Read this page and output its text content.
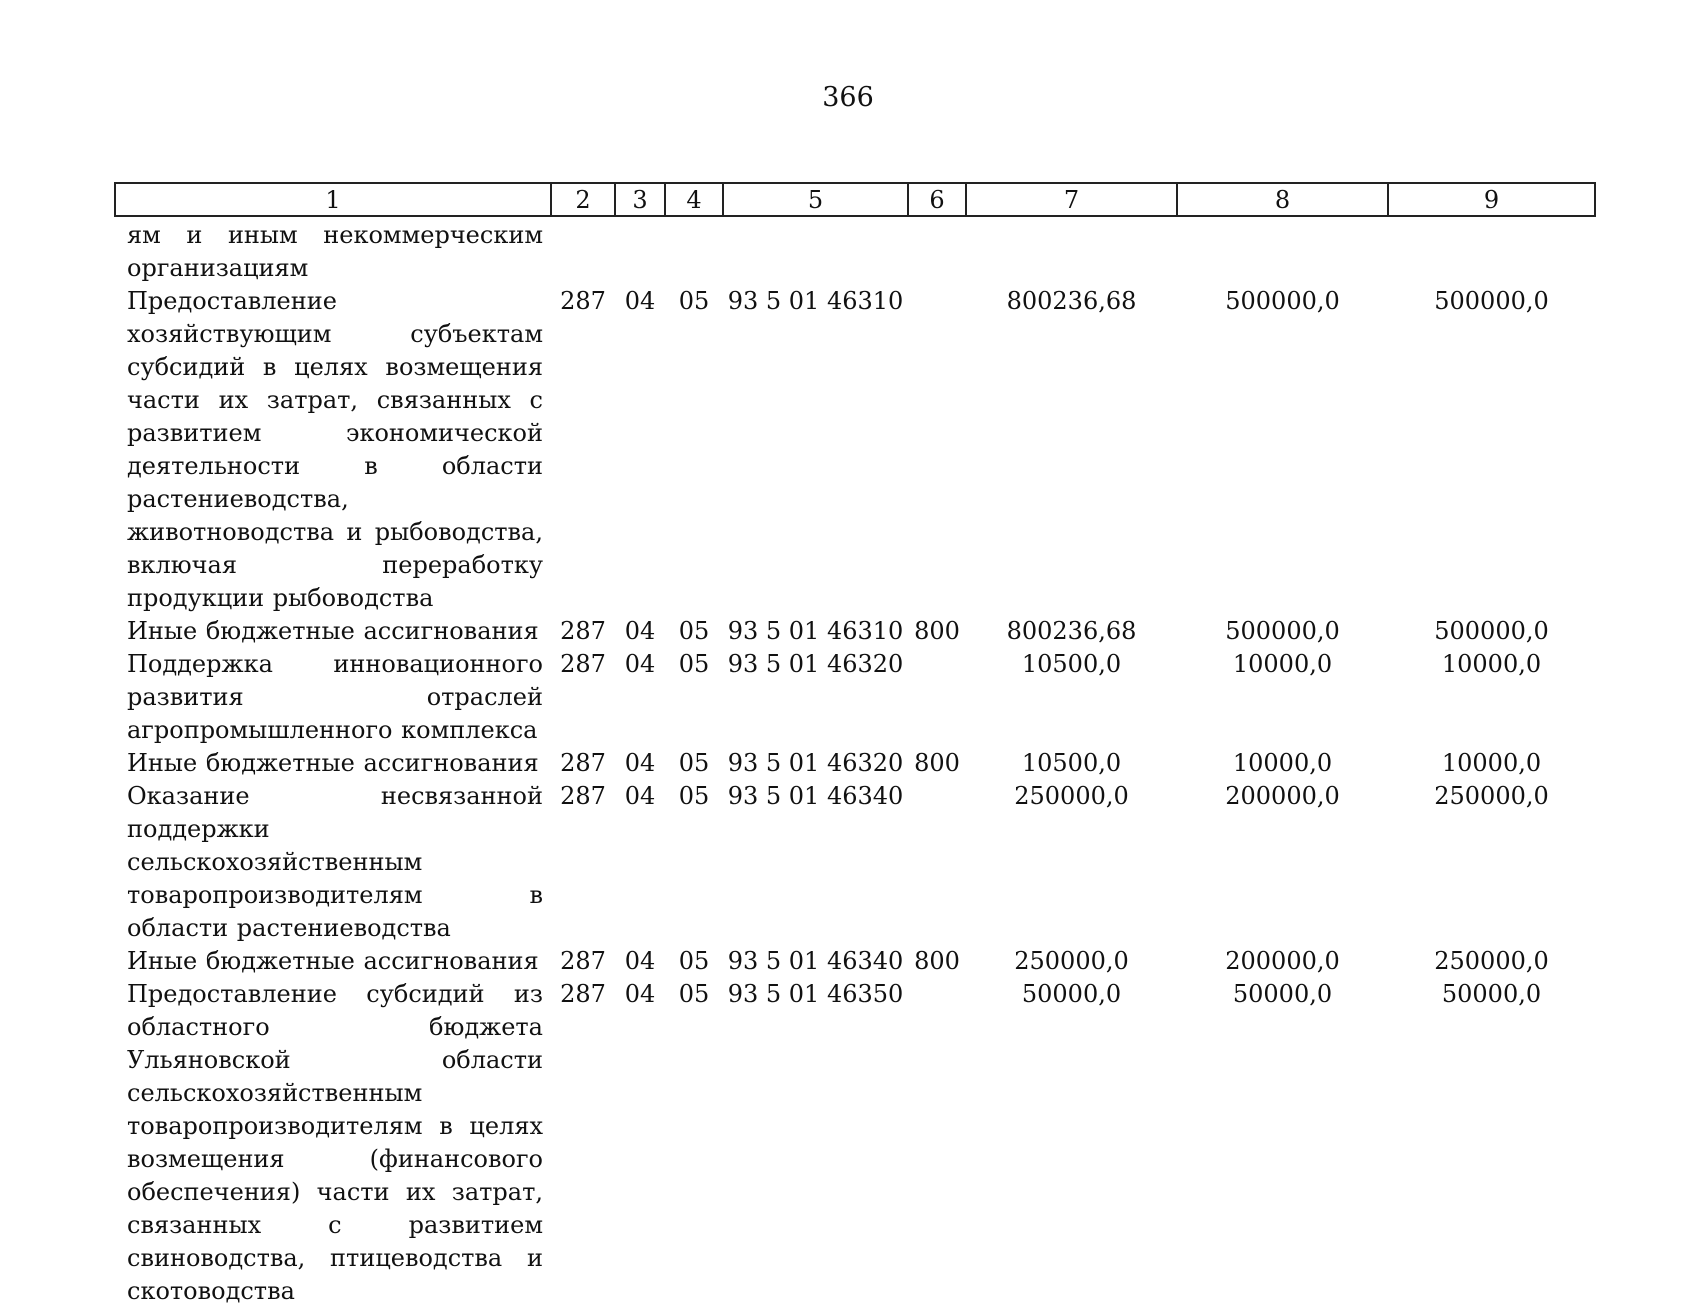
366
1	2	3	4	5	6	7	8	9
ям и иным некоммерческим организациям								
Предоставление хозяйствующим субъектам субсидий в целях возмещения части их затрат, связанных с развитием экономической деятельности в области растениеводства, животноводства и рыбоводства, включая переработку продукции рыбоводства	287	04	05	93 5 01 46310		800236,68	500000,0	500000,0
Иные бюджетные ассигнования	287	04	05	93 5 01 46310	800	800236,68	500000,0	500000,0
Поддержка инновационного развития отраслей агропромышленного комплекса	287	04	05	93 5 01 46320		10500,0	10000,0	10000,0
Иные бюджетные ассигнования	287	04	05	93 5 01 46320	800	10500,0	10000,0	10000,0
Оказание несвязанной поддержки сельскохозяйственным товаропроизводителям в области растениеводства	287	04	05	93 5 01 46340		250000,0	200000,0	250000,0
Иные бюджетные ассигнования	287	04	05	93 5 01 46340	800	250000,0	200000,0	250000,0
Предоставление субсидий из областного бюджета Ульяновской области сельскохозяйственным товаропроизводителям в целях возмещения (финансового обеспечения) части их затрат, связанных с развитием свиноводства, птицеводства и скотоводства	287	04	05	93 5 01 46350		50000,0	50000,0	50000,0
